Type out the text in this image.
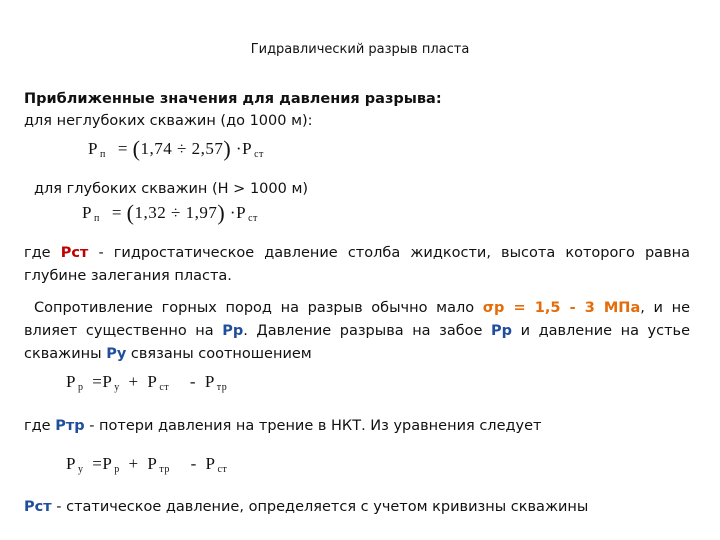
Гидравлический разрыв пласта
Приближенные значения для давления разрыва:
для неглубоких скважин (до 1000 м):
Р $_п$ = (1,74 ÷ 2,57) ·Р $_{ст}$
для глубоких скважин (Н > 1000 м)
Р $_п$ = (1,32 ÷ 1,97) ·Р $_{ст}$
где Рст - гидростатическое давление столба жидкости, высота которого равна глубине залегания пласта.
Сопротивление горных пород на разрыв обычно мало σр = 1,5 - 3 МПа, и не влияет существенно на Рр. Давление разрыва на забое Рр и давление на устье скважины Ру связаны соотношением
Р $_р$ =Р $_у$ + Р $_{ст}$ - Р $_{тр}$
где Ртр - потери давления на трение в НКТ. Из уравнения следует
Р $_у$ =Р $_р$ + Р $_{тр}$ - Р $_{ст}$
Рст - статическое давление, определяется с учетом кривизны скважины
